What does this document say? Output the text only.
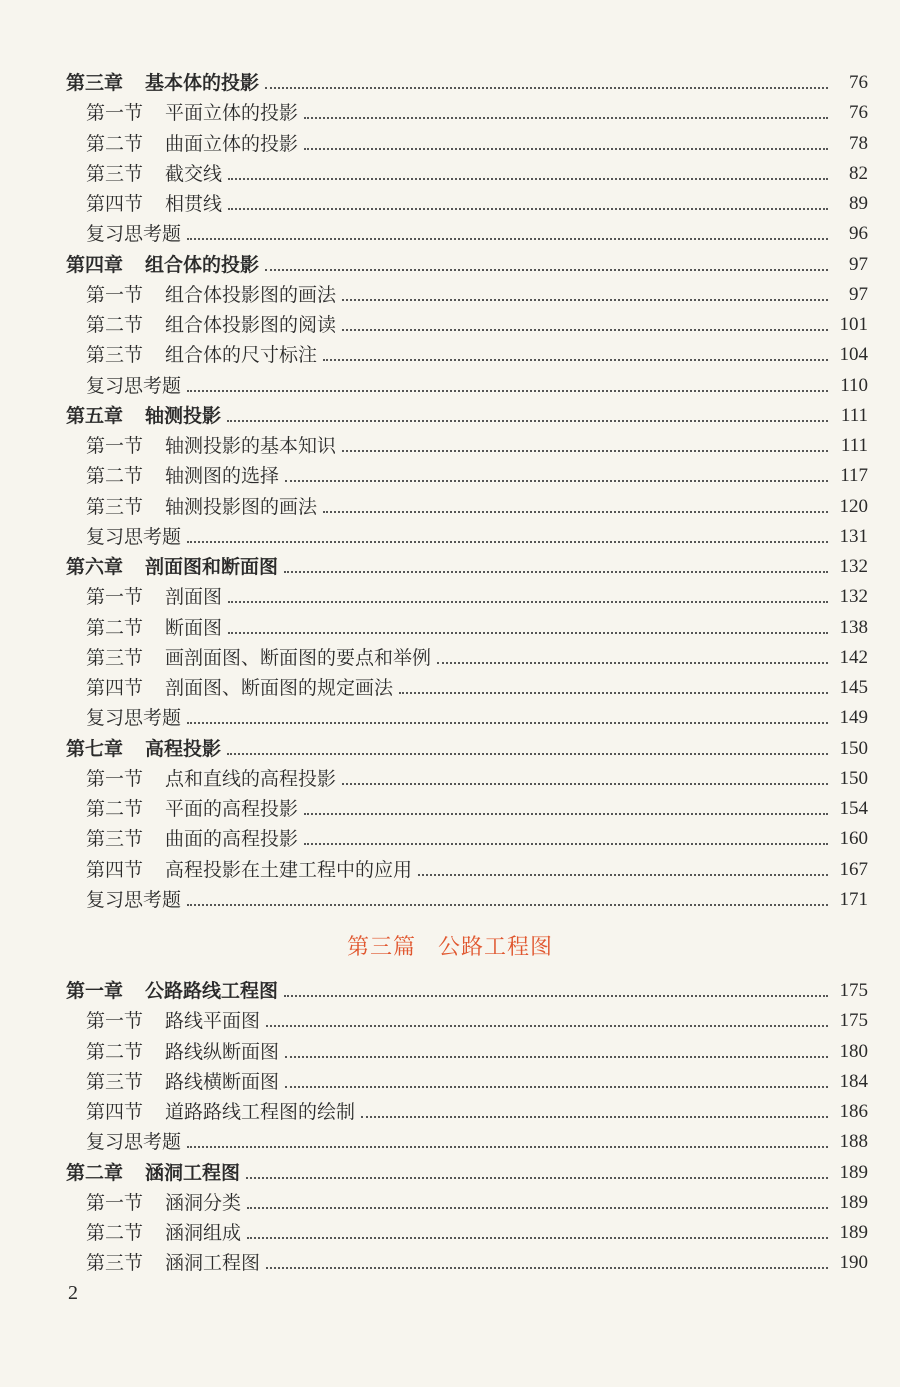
第三章 基本体的投影	76
第一节 平面立体的投影	76
第二节 曲面立体的投影	78
第三节 截交线	82
第四节 相贯线	89
复习思考题	96
第四章 组合体的投影	97
第一节 组合体投影图的画法	97
第二节 组合体投影图的阅读	101
第三节 组合体的尺寸标注	104
复习思考题	110
第五章 轴测投影	111
第一节 轴测投影的基本知识	111
第二节 轴测图的选择	117
第三节 轴测投影图的画法	120
复习思考题	131
第六章 剖面图和断面图	132
第一节 剖面图	132
第二节 断面图	138
第三节 画剖面图、断面图的要点和举例	142
第四节 剖面图、断面图的规定画法	145
复习思考题	149
第七章 高程投影	150
第一节 点和直线的高程投影	150
第二节 平面的高程投影	154
第三节 曲面的高程投影	160
第四节 高程投影在土建工程中的应用	167
复习思考题	171
第三篇 公路工程图
第一章 公路路线工程图	175
第一节 路线平面图	175
第二节 路线纵断面图	180
第三节 路线横断面图	184
第四节 道路路线工程图的绘制	186
复习思考题	188
第二章 涵洞工程图	189
第一节 涵洞分类	189
第二节 涵洞组成	189
第三节 涵洞工程图	190
2
